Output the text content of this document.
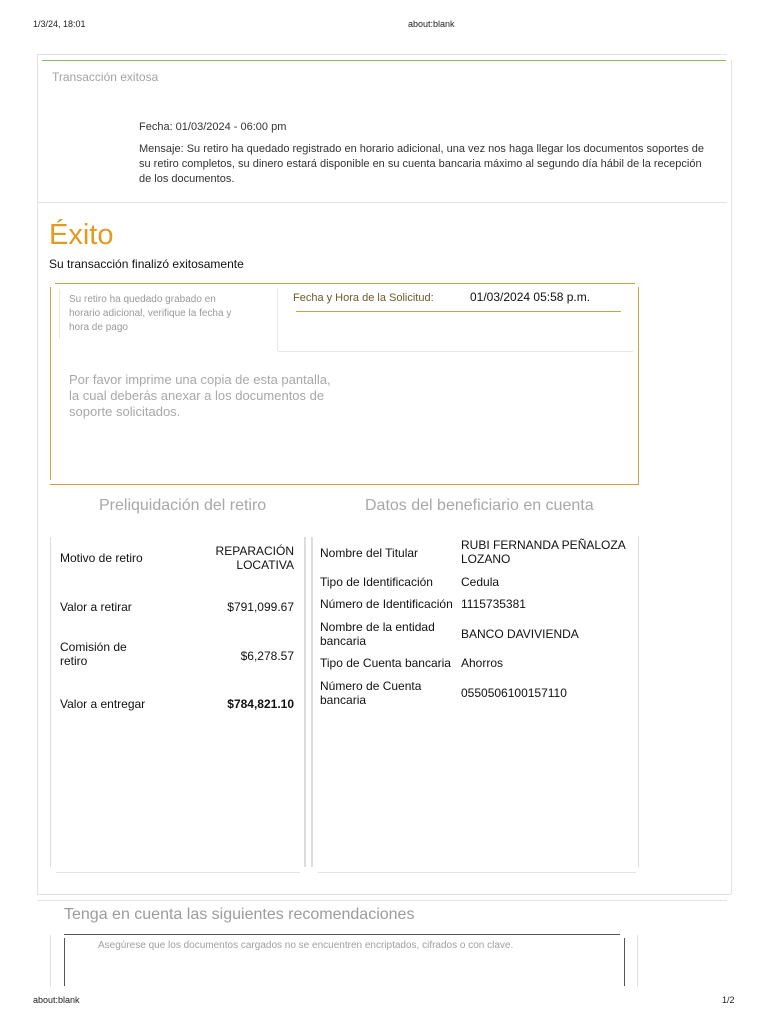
1/3/24, 18:01	about:blank
Transacción exitosa
Fecha: 01/03/2024 - 06:00 pm
Mensaje: Su retiro ha quedado registrado en horario adicional, una vez nos haga llegar los documentos soportes de
su retiro completos, su dinero estará disponible en su cuenta bancaria máximo al segundo día hábil de la recepción
de los documentos.
Éxito
Su transacción finalizó exitosamente
Su retiro ha quedado grabado en
horario adicional, verifique la fecha y
hora de pago
Fecha y Hora de la Solicitud:	01/03/2024 05:58 p.m.
Por favor imprime una copia de esta pantalla,
la cual deberás anexar a los documentos de
soporte solicitados.
Preliquidación del retiro	Datos del beneficiario en cuenta
Motivo de retiro	REPARACIÓN
LOCATIVA
Valor a retirar	$791,099.67
Comisión de
retiro	$6,278.57
Valor a entregar	$784,821.10
Nombre del Titular
RUBI FERNANDA PEÑALOZA
LOZANO
Tipo de Identificación Cedula
Número de Identificación 1115735381
Nombre de la entidad
bancaria	BANCO DAVIVIENDA
Tipo de Cuenta bancaria Ahorros
Número de Cuenta
bancaria	0550506100157110
Tenga en cuenta las siguientes recomendaciones
Asegúrese que los documentos cargados no se encuentren encriptados, cifrados o con clave.
about:blank	1/2
